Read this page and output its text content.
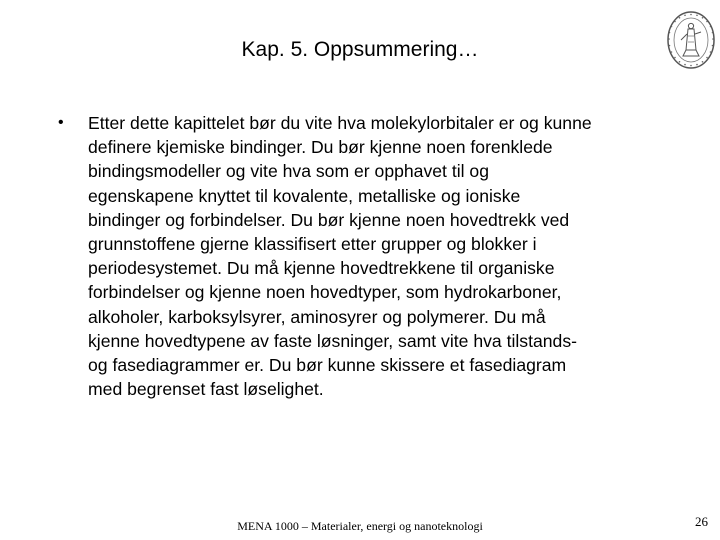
Kap. 5. Oppsummering…
• Etter dette kapittelet bør du vite hva molekylorbitaler er og kunne
definere kjemiske bindinger. Du bør kjenne noen forenklede
bindingsmodeller og vite hva som er opphavet til og
egenskapene knyttet til kovalente, metalliske og ioniske
bindinger og forbindelser. Du bør kjenne noen hovedtrekk ved
grunnstoffene gjerne klassifisert etter grupper og blokker i
periodesystemet. Du må kjenne hovedtrekkene til organiske
forbindelser og kjenne noen hovedtyper, som hydrokarboner,
alkoholer, karboksylsyrer, aminosyrer og polymerer. Du må
kjenne hovedtypene av faste løsninger, samt vite hva tilstands-
og fasediagrammer er. Du bør kunne skissere et fasediagram
med begrenset fast løselighet.
MENA 1000 – Materialer, energi og nanoteknologi	26
